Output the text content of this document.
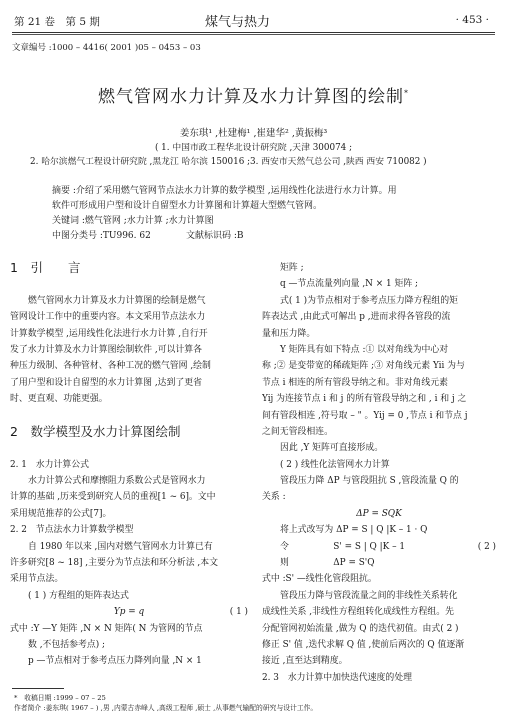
第 21 卷　第 5 期	煤气与热力	· 453 ·
文章编号 :1000 – 4416( 2001 )05 – 0453 – 03
燃气管网水力计算及水力计算图的绘制*
姜东琪¹ ,杜建梅¹ ,崔建华² ,黄振梅³
( 1. 中国市政工程华北设计研究院 ,天津 300074 ;
2. 哈尔滨燃气工程设计研究院 ,黑龙江 哈尔滨 150016 ;3. 西安市天然气总公司 ,陕西 西安 710082 )
摘要 :介绍了采用燃气管网节点法水力计算的数学模型 ,运用线性化法进行水力计算。用
软件可形成用户型和设计自留型水力计算图和计算超大型燃气管网。
关键词 :燃气管网 ;水力计算 ;水力计算图
中图分类号 :TU996. 62	文献标识码 :B
1　引　　言
燃气管网水力计算及水力计算图的绘制是燃气
管网设计工作中的重要内容。本文采用节点法水力
计算数学模型 ,运用线性化法进行水力计算 ,自行开
发了水力计算及水力计算图绘制软件 ,可以计算各
种压力级制、各种管材、各种工况的燃气管网 ,绘制
了用户型和设计自留型的水力计算图 ,达到了更省
时、更直观、功能更强。
2　数学模型及水力计算图绘制
2. 1　水力计算公式
水力计算公式和摩擦阻力系数公式是管网水力
计算的基础 ,历来受到研究人员的重视[1 ~ 6]。文中
采用规范推荐的公式[7]。
2. 2　节点法水力计算数学模型
自 1980 年以来 ,国内对燃气管网水力计算已有
许多研究[8 ~ 18] ,主要分为节点法和环分析法 ,本文
采用节点法。
( 1 ) 方程组的矩阵表达式
Yp = q	( 1 )
式中 :Y —Y 矩阵 ,N × N 矩阵( N 为管网的节点
数 ,不包括参考点) ;
p —节点相对于参考点压力降列向量 ,N × 1
矩阵 ;
q —节点流量列向量 ,N × 1 矩阵 ;
式( 1 )为节点相对于参考点压力降方程组的矩
阵表达式 ,由此式可解出 p ,进而求得各管段的流
量和压力降。
Y 矩阵具有如下特点 :① 以对角线为中心对
称 ;② 是变带宽的稀疏矩阵 ;③ 对角线元素 Yii 为与
节点 i 相连的所有管段导纳之和。非对角线元素
Yij 为连接节点 i 和 j 的所有管段导纳之和 , i 和 j 之
间有管段相连 ,符号取 – " 。Yij = 0 ,节点 i 和节点 j
之间无管段相连。
因此 ,Y 矩阵可直接形成。
( 2 ) 线性化法管网水力计算
管段压力降 ΔP 与管段阻抗 S ,管段流量 Q 的
关系 :
ΔP = SQK
将上式改写为 ΔP = S | Q |K – 1 · Q
令　　　　　S' = S | Q |K – 1	( 2 )
则　　　　　ΔP = S'Q
式中 :S' —线性化管段阻抗。
管段压力降与管段流量之间的非线性关系转化
成线性关系 ,非线性方程组转化成线性方程组。先
分配管网初始流量 ,做为 Q 的迭代初值。由式( 2 )
修正 S' 值 ,迭代求解 Q 值 ,使前后两次的 Q 值逐渐
接近 ,直至达到精度。
2. 3　水力计算中加快迭代速度的处理
*　收稿日期 :1999 – 07 – 25
作者简介 :姜东琪( 1967 – ) ,男 ,内蒙古赤峰人 ,高级工程师 ,硕士 ,从事燃气输配的研究与设计工作。
